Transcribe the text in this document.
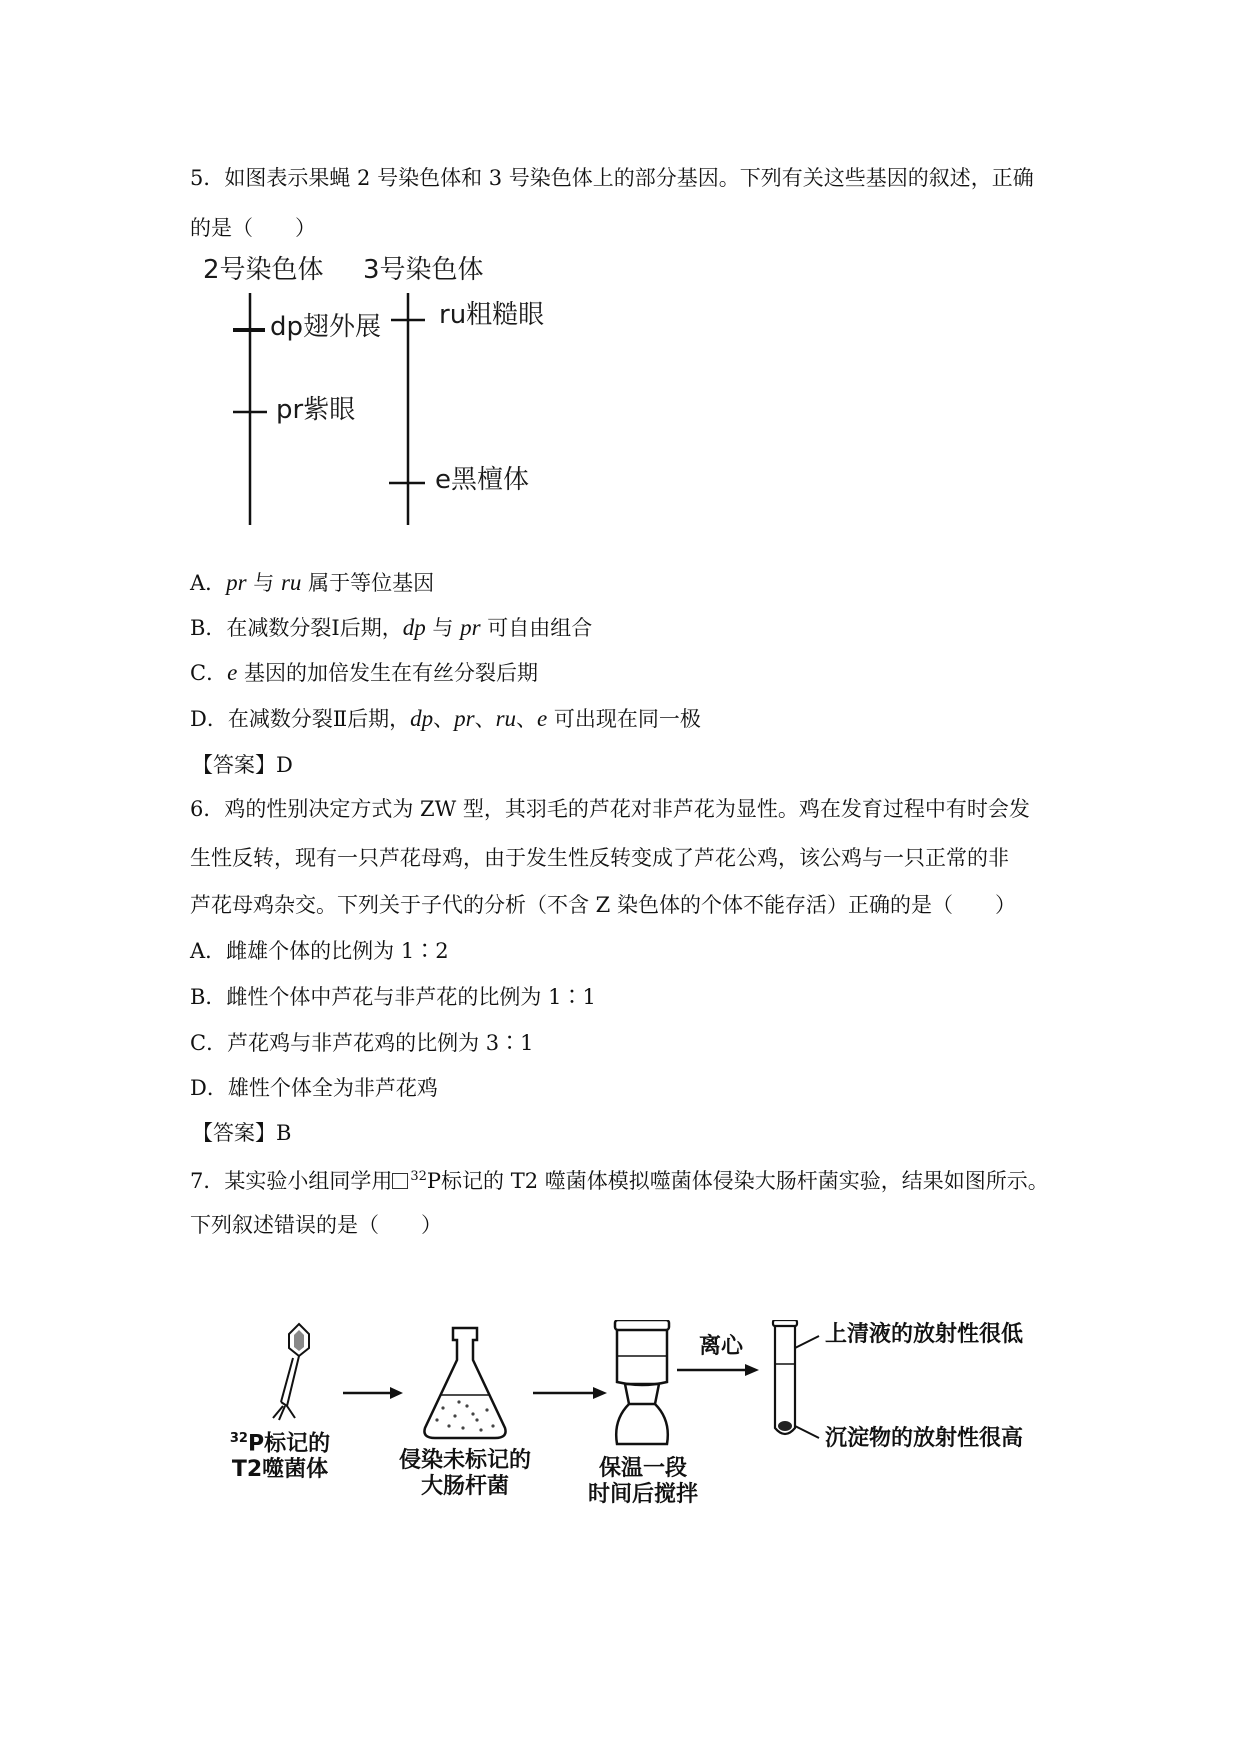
5．如图表示果蝇 2 号染色体和 3 号染色体上的部分基因。下列有关这些基因的叙述，正确

的是（　　）

2号染色体 3号染色体
dp翅外展
pr紫眼
ru粗糙眼
e黑檀体

A．pr 与 ru 属于等位基因

B．在减数分裂Ⅰ后期，dp 与 pr 可自由组合

C．e 基因的加倍发生在有丝分裂后期

D．在减数分裂Ⅱ后期，dp、pr、ru、e 可出现在同一极

【答案】D

6．鸡的性别决定方式为 ZW 型，其羽毛的芦花对非芦花为显性。鸡在发育过程中有时会发

生性反转，现有一只芦花母鸡，由于发生性反转变成了芦花公鸡，该公鸡与一只正常的非

芦花母鸡杂交。下列关于子代的分析（不含 Z 染色体的个体不能存活）正确的是（　　）

A．雌雄个体的比例为 1∶2

B．雌性个体中芦花与非芦花的比例为 1∶1

C．芦花鸡与非芦花鸡的比例为 3∶1

D．雄性个体全为非芦花鸡

【答案】B

7．某实验小组同学用 $^{32}$P标记的 T2 噬菌体模拟噬菌体侵染大肠杆菌实验，结果如图所示。

下列叙述错误的是（　　）

离心	上清液的放射性很低
沉淀物的放射性很高
$^{32}$P标记的
T2噬菌体	侵染未标记的
大肠杆菌
保温一段
时间后搅拌
